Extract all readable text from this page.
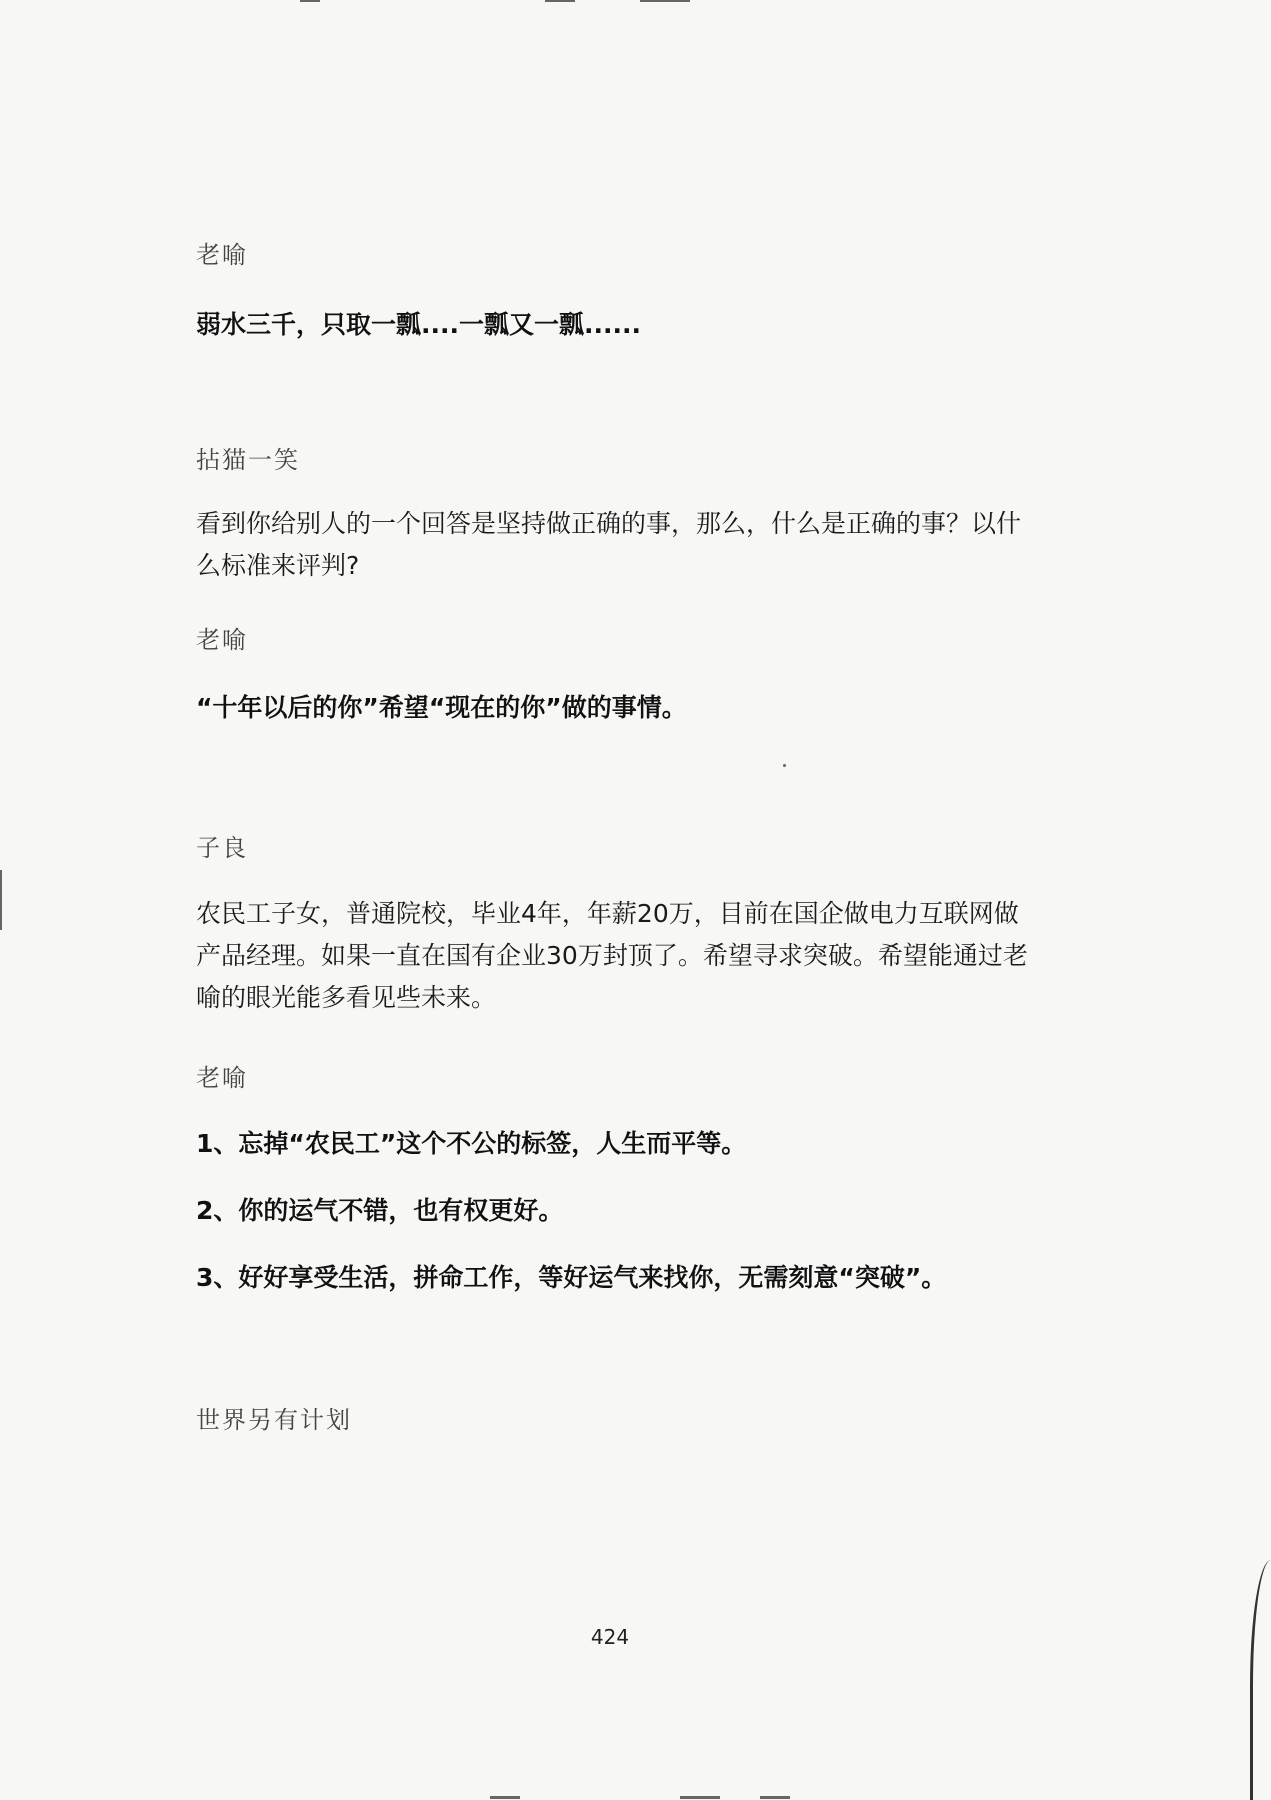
老喻

弱水三千，只取一瓢....一瓢又一瓢......

拈猫一笑

看到你给别人的一个回答是坚持做正确的事，那么，什么是正确的事？以什么标准来评判?

老喻

“十年以后的你”希望“现在的你”做的事情。

子良

农民工子女，普通院校，毕业4年，年薪20万，目前在国企做电力互联网做产品经理。如果一直在国有企业30万封顶了。希望寻求突破。希望能通过老喻的眼光能多看见些未来。

老喻

1、忘掉“农民工”这个不公的标签，人生而平等。

2、你的运气不错，也有权更好。

3、好好享受生活，拼命工作，等好运气来找你，无需刻意“突破”。

世界另有计划

424
